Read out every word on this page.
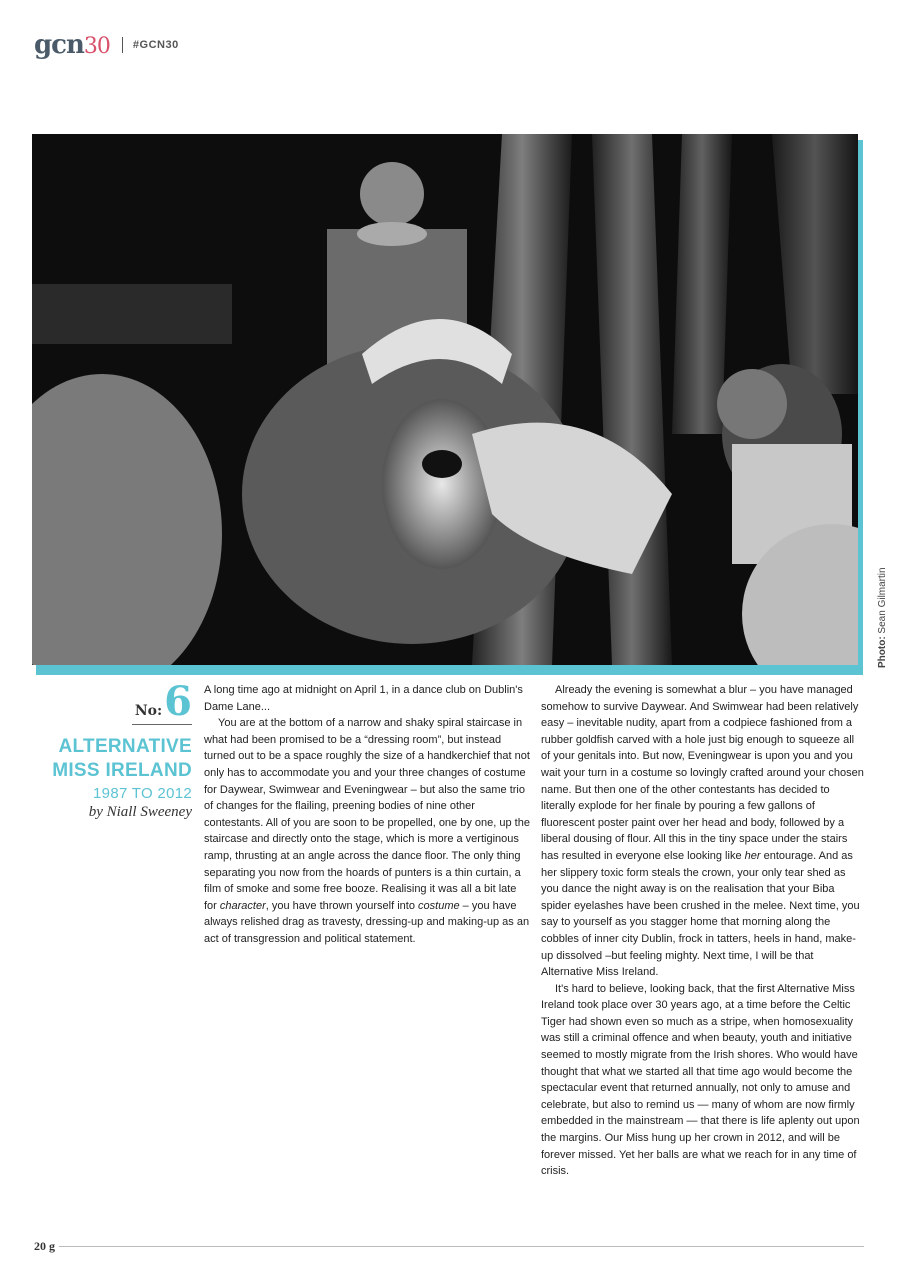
gcn30 #GCN30
Photo: Sean Gilmartin
No: 6
ALTERNATIVE
MISS IRELAND
1987 TO 2012
by Niall Sweeney

A long time ago at midnight on April 1, in a dance club on Dublin's Dame Lane...

You are at the bottom of a narrow and shaky spiral staircase in what had been promised to be a “dressing room”, but instead turned out to be a space roughly the size of a handkerchief that not only has to accommodate you and your three changes of costume for Daywear, Swimwear and Eveningwear – but also the same trio of changes for the flailing, preening bodies of nine other contestants. All of you are soon to be propelled, one by one, up the staircase and directly onto the stage, which is more a vertiginous ramp, thrusting at an angle across the dance floor. The only thing separating you now from the hoards of punters is a thin curtain, a film of smoke and some free booze. Realising it was all a bit late for character, you have thrown yourself into costume – you have always relished drag as travesty, dressing-up and making-up as an act of transgression and political statement.

Already the evening is somewhat a blur – you have managed somehow to survive Daywear. And Swimwear had been relatively easy – inevitable nudity, apart from a codpiece fashioned from a rubber goldfish carved with a hole just big enough to squeeze all of your genitals into. But now, Eveningwear is upon you and you wait your turn in a costume so lovingly crafted around your chosen name. But then one of the other contestants has decided to literally explode for her finale by pouring a few gallons of fluorescent poster paint over her head and body, followed by a liberal dousing of flour. All this in the tiny space under the stairs has resulted in everyone else looking like her entourage. And as her slippery toxic form steals the crown, your only tear shed as you dance the night away is on the realisation that your Biba spider eyelashes have been crushed in the melee. Next time, you say to yourself as you stagger home that morning along the cobbles of inner city Dublin, frock in tatters, heels in hand, make-up dissolved –but feeling mighty. Next time, I will be that Alternative Miss Ireland.

It's hard to believe, looking back, that the first Alternative Miss Ireland took place over 30 years ago, at a time before the Celtic Tiger had shown even so much as a stripe, when homosexuality was still a criminal offence and when beauty, youth and initiative seemed to mostly migrate from the Irish shores. Who would have thought that what we started all that time ago would become the spectacular event that returned annually, not only to amuse and celebrate, but also to remind us — many of whom are now firmly embedded in the mainstream — that there is life aplenty out upon the margins. Our Miss hung up her crown in 2012, and will be forever missed. Yet her balls are what we reach for in any time of crisis.

20 g
